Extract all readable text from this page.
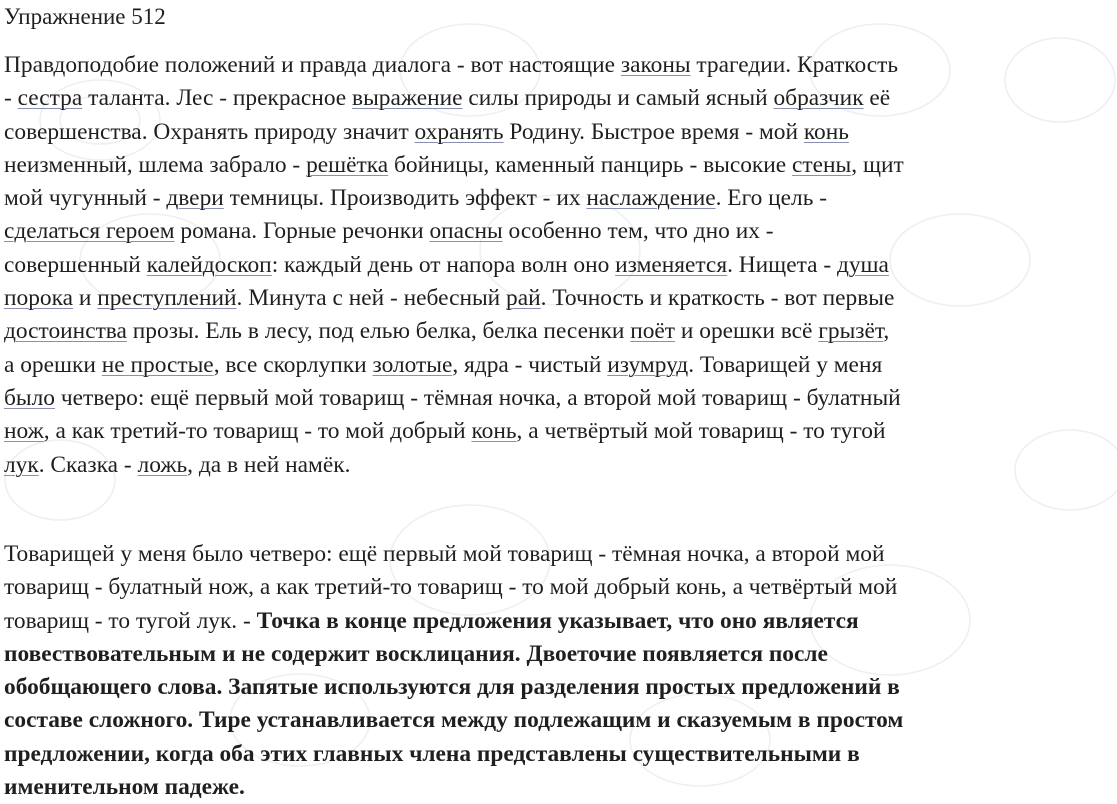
Упражнение 512

Правдоподобие положений и правда диалога - вот настоящие законы трагедии. Краткость
- сестра таланта. Лес - прекрасное выражение силы природы и самый ясный образчик её
совершенства. Охранять природу значит охранять Родину. Быстрое время - мой конь
неизменный, шлема забрало - решётка бойницы, каменный панцирь - высокие стены, щит
мой чугунный - двери темницы. Производить эффект - их наслаждение. Его цель -
сделаться героем романа. Горные речонки опасны особенно тем, что дно их -
совершенный калейдоскоп: каждый день от напора волн оно изменяется. Нищета - душа
порока и преступлений. Минута с ней - небесный рай. Точность и краткость - вот первые
достоинства прозы. Ель в лесу, под елью белка, белка песенки поёт и орешки всё грызёт,
а орешки не простые, все скорлупки золотые, ядра - чистый изумруд. Товарищей у меня
было четверо: ещё первый мой товарищ - тёмная ночка, а второй мой товарищ - булатный
нож, а как третий-то товарищ - то мой добрый конь, а четвёртый мой товарищ - то тугой
лук. Сказка - ложь, да в ней намёк.

Товарищей у меня было четверо: ещё первый мой товарищ - тёмная ночка, а второй мой
товарищ - булатный нож, а как третий-то товарищ - то мой добрый конь, а четвёртый мой
товарищ - то тугой лук. - Точка в конце предложения указывает, что оно является
повествовательным и не содержит восклицания. Двоеточие появляется после
обобщающего слова. Запятые используются для разделения простых предложений в
составе сложного. Тире устанавливается между подлежащим и сказуемым в простом
предложении, когда оба этих главных члена представлены существительными в
именительном падеже.
